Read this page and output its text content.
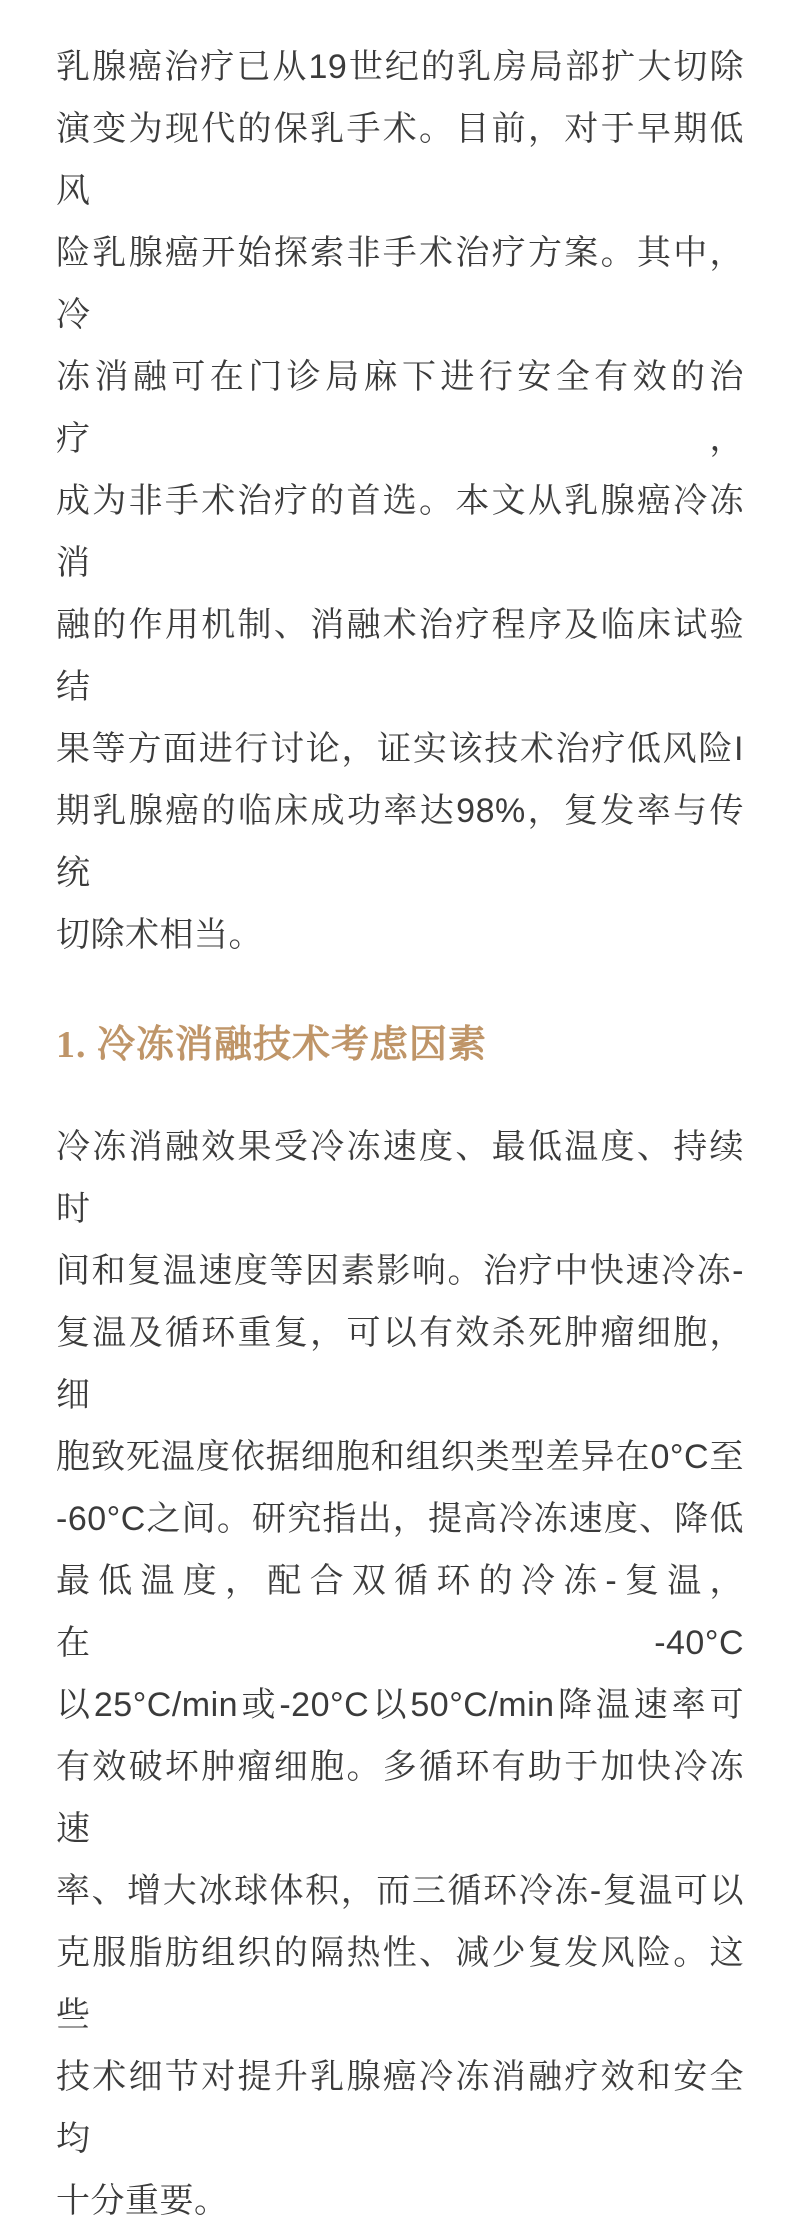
乳腺癌治疗已从19世纪的乳房局部扩大切除
演变为现代的保乳手术。目前，对于早期低风
险乳腺癌开始探索非手术治疗方案。其中，冷
冻消融可在门诊局麻下进行安全有效的治疗，
成为非手术治疗的首选。本文从乳腺癌冷冻消
融的作用机制、消融术治疗程序及临床试验结
果等方面进行讨论，证实该技术治疗低风险I
期乳腺癌的临床成功率达98%，复发率与传统
切除术相当。
1. 冷冻消融技术考虑因素
冷冻消融效果受冷冻速度、最低温度、持续时
间和复温速度等因素影响。治疗中快速冷冻-
复温及循环重复，可以有效杀死肿瘤细胞，细
胞致死温度依据细胞和组织类型差异在0°C至
-60°C之间。研究指出，提高冷冻速度、降低
最低温度，配合双循环的冷冻-复温，在-40°C
以25°C/min或-20°C以50°C/min降温速率可
有效破坏肿瘤细胞。多循环有助于加快冷冻速
率、增大冰球体积，而三循环冷冻-复温可以
克服脂肪组织的隔热性、减少复发风险。这些
技术细节对提升乳腺癌冷冻消融疗效和安全均
十分重要。
